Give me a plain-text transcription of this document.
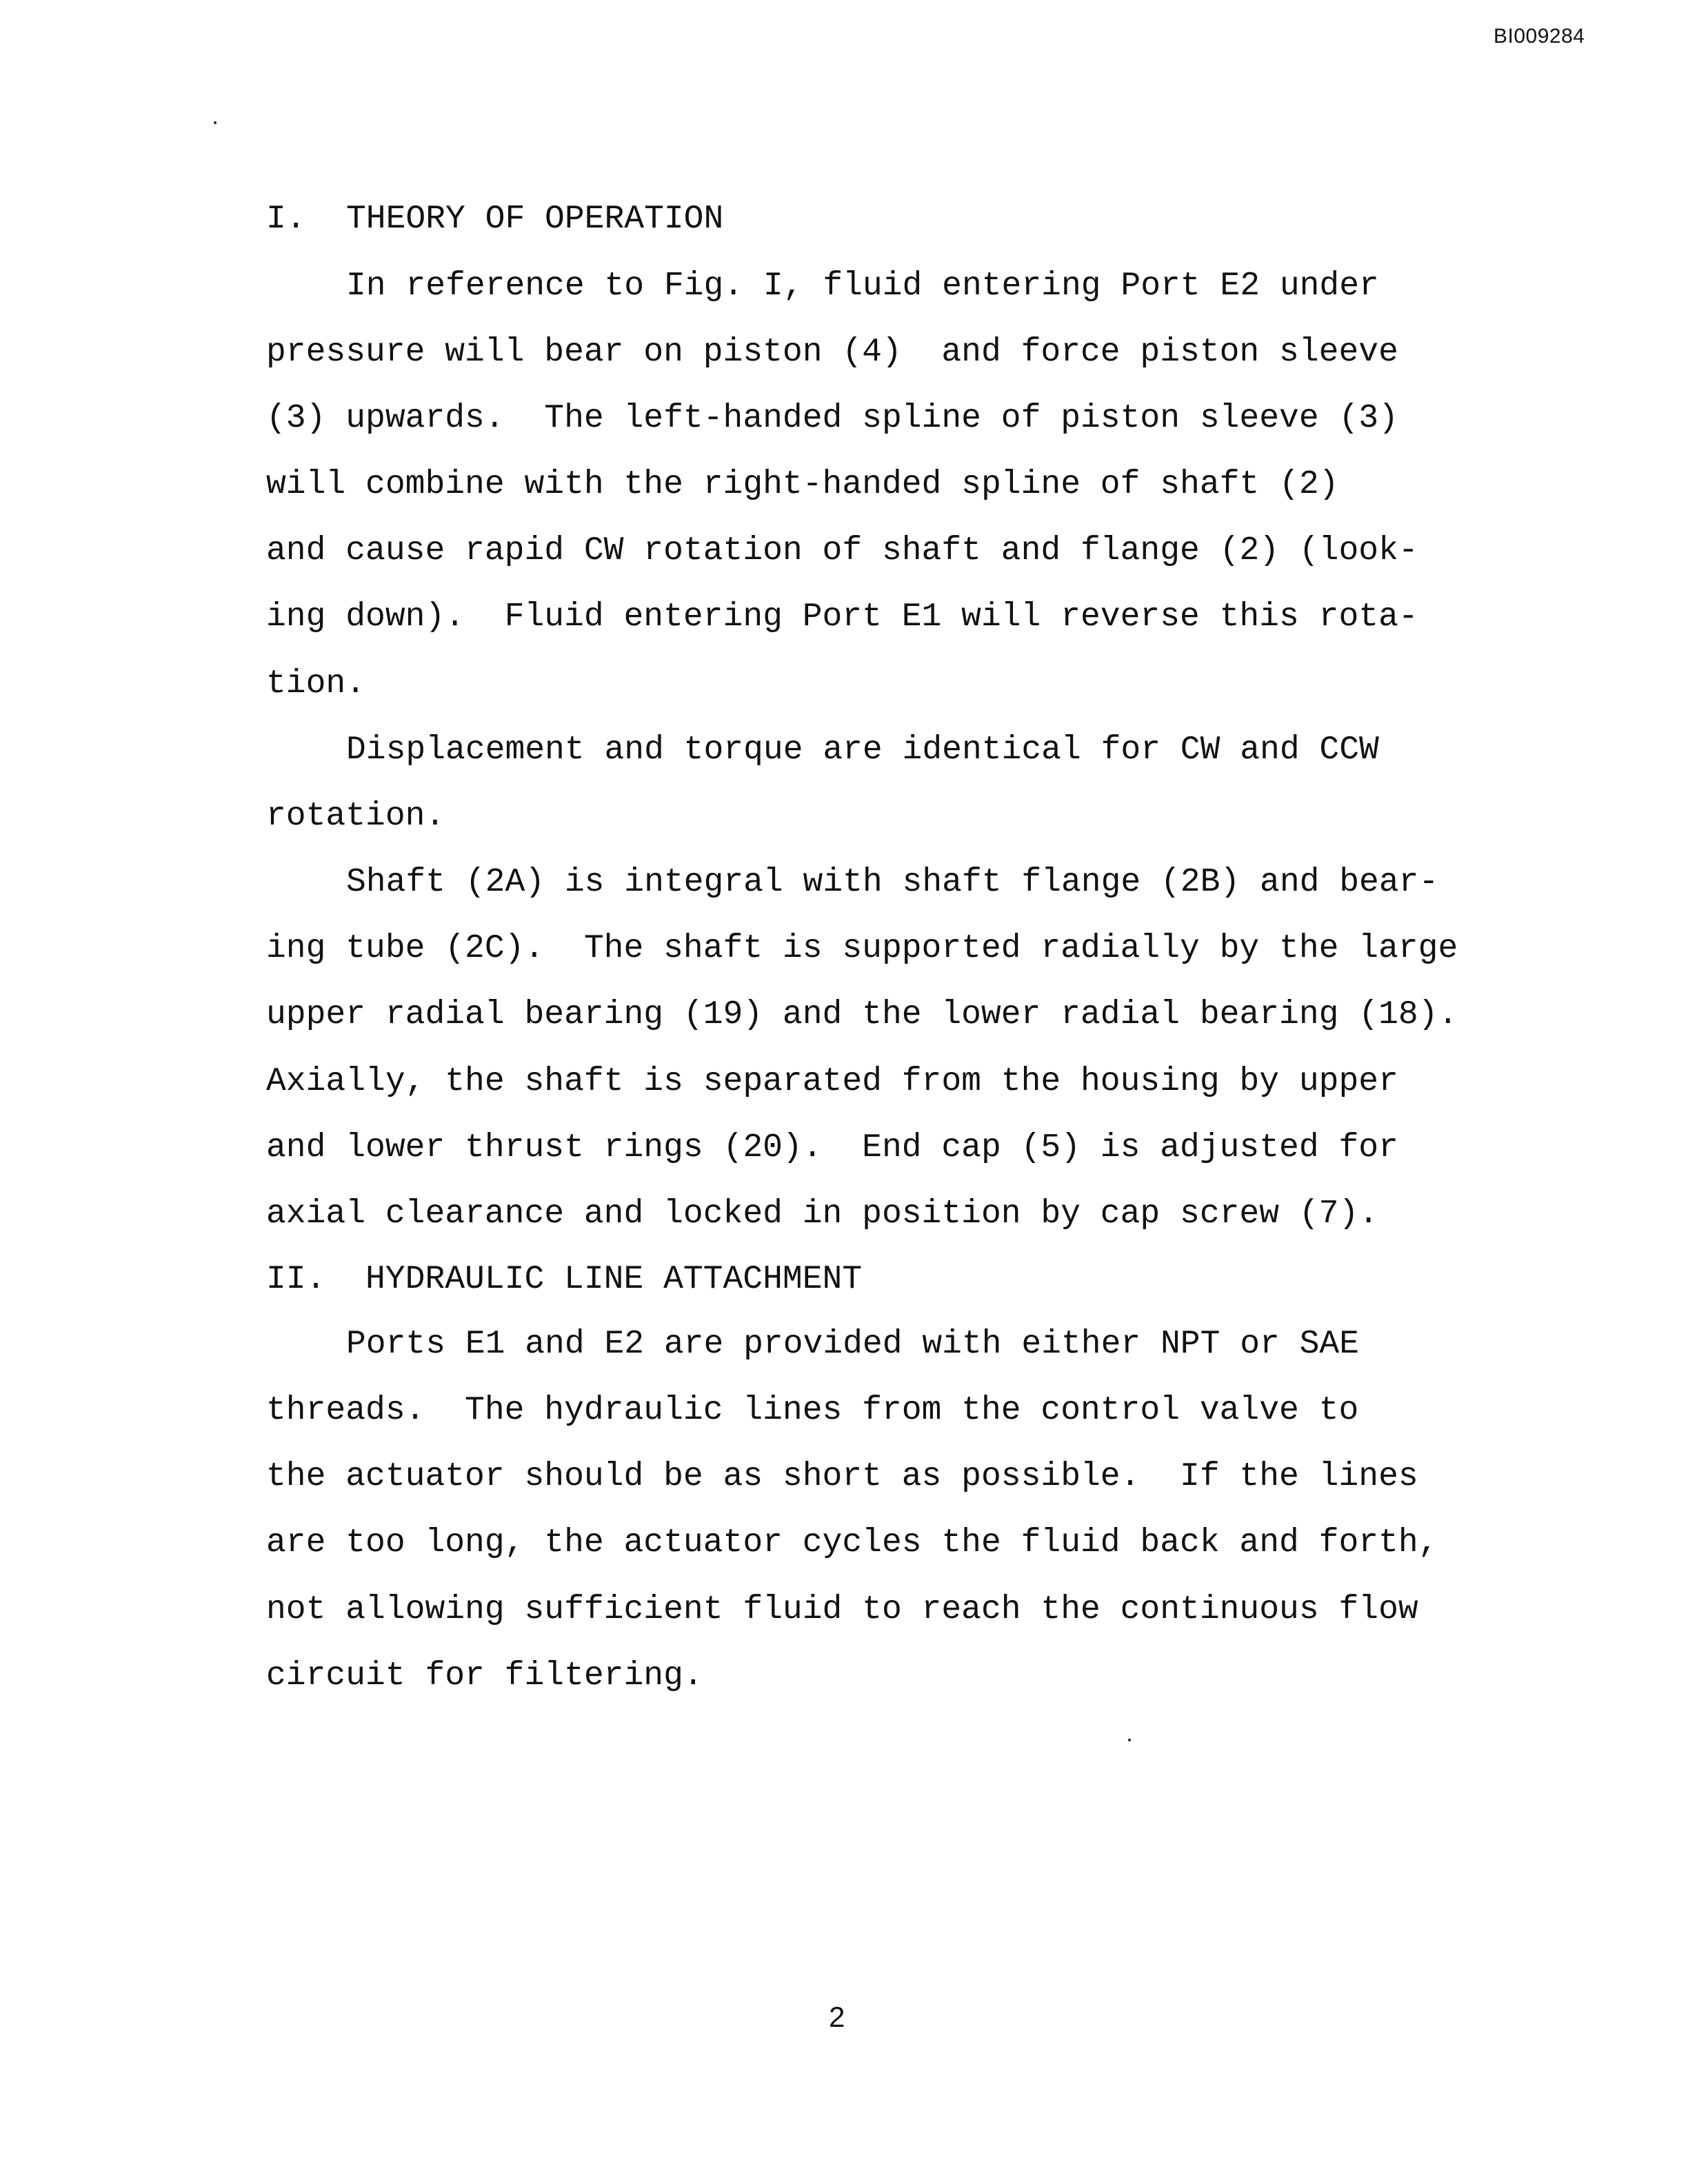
BI009284
I. THEORY OF OPERATION
In reference to Fig. I, fluid entering Port E2 under
pressure will bear on piston (4)  and force piston sleeve
(3) upwards.  The left-handed spline of piston sleeve (3)
will combine with the right-handed spline of shaft (2)
and cause rapid CW rotation of shaft and flange (2) (look-
ing down).  Fluid entering Port E1 will reverse this rota-
tion.
Displacement and torque are identical for CW and CCW
rotation.
Shaft (2A) is integral with shaft flange (2B) and bear-
ing tube (2C).  The shaft is supported radially by the large
upper radial bearing (19) and the lower radial bearing (18).
Axially, the shaft is separated from the housing by upper
and lower thrust rings (20).  End cap (5) is adjusted for
axial clearance and locked in position by cap screw (7).
II. HYDRAULIC LINE ATTACHMENT
Ports E1 and E2 are provided with either NPT or SAE
threads.  The hydraulic lines from the control valve to
the actuator should be as short as possible.  If the lines
are too long, the actuator cycles the fluid back and forth,
not allowing sufficient fluid to reach the continuous flow
circuit for filtering.
2
